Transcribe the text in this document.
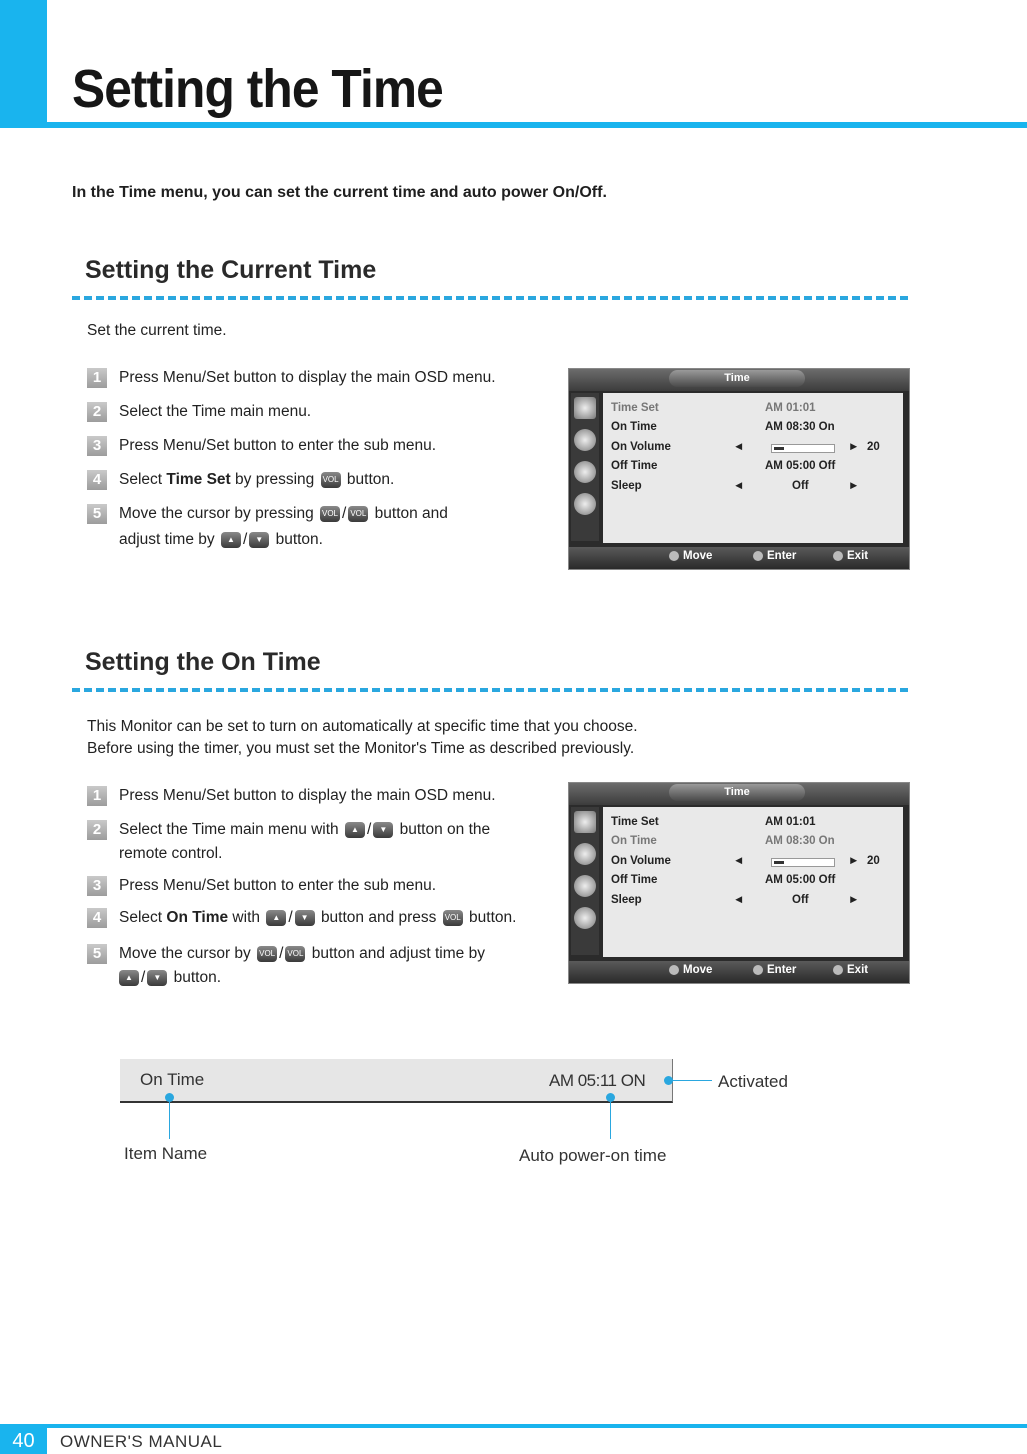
Setting the Time
In the Time menu, you can set the current time and auto power On/Off.
Setting the Current Time
Set the current time.
1	Press Menu/Set button to display the main OSD menu.
2	Select the Time main menu.
3	Press Menu/Set button to enter the sub menu.
4	Select Time Set by pressing VOL button.
5	Move the cursor by pressing VOL / VOL button and
adjust time by ▲ / ▼ button.
Time
Time Set	AM 01:01
On Time	AM 08:30 On
On Volume	◄	► 20
Off Time	AM 05:00 Off
Sleep	◄	Off	►
Move	Enter	Exit
Setting the On Time
This Monitor can be set to turn on automatically at specific time that you choose.
Before using the timer, you must set the Monitor's Time as described previously.
1	Press Menu/Set button to display the main OSD menu.
2	Select the Time main menu with ▲ / ▼ button on the
remote control.
3	Press Menu/Set button to enter the sub menu.
4	Select On Time with ▲ / ▼ button and press VOL button.
5	Move the cursor by VOL / VOL button and adjust time by
▲ / ▼ button.
Time
Time Set	AM 01:01
On Time	AM 08:30 On
On Volume	◄	► 20
Off Time	AM 05:00 Off
Sleep	◄	Off	►
Move	Enter	Exit
On Time	AM 05:11 ON
Item Name	Auto power-on time
Activated
40	OWNER'S MANUAL
